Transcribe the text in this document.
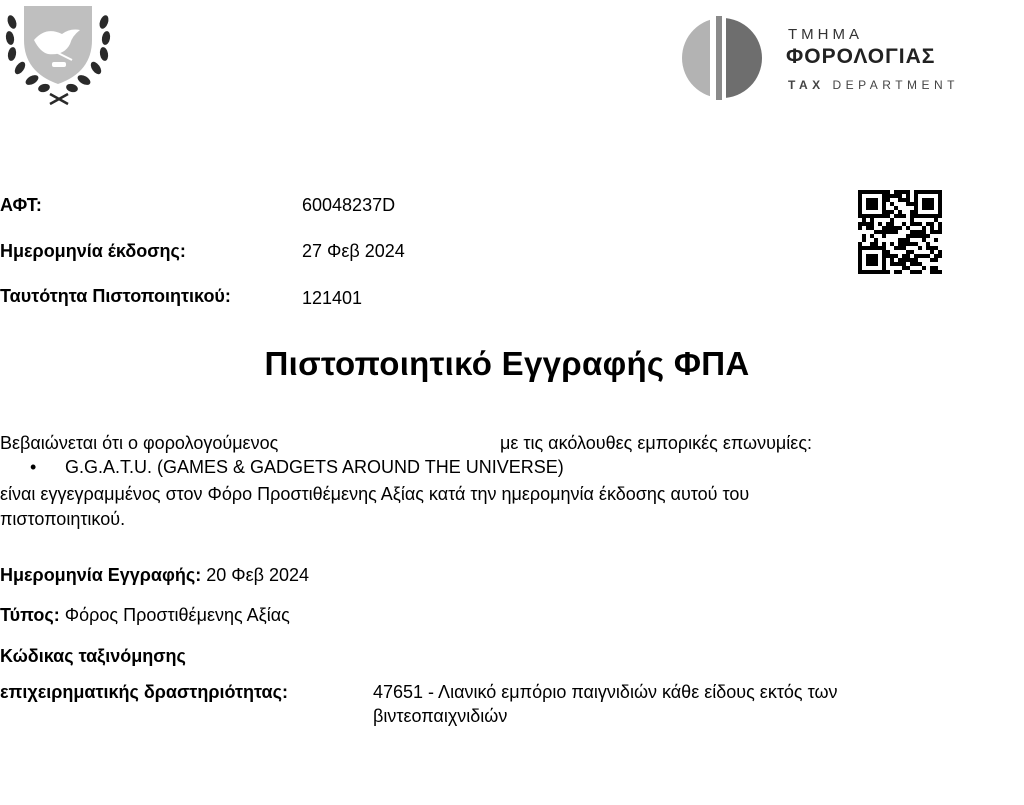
ΤΜΗΜΑ
ΦΟΡΟΛΟΓΙΑΣ
TAX DEPARTMENT
ΑΦΤ:	60048237D
Ημερομηνία έκδοσης:	27 Φεβ 2024
Ταυτότητα Πιστοποιητικού:	121401
Πιστοποιητικό Εγγραφής ΦΠΑ
Βεβαιώνεται ότι ο φορολογούμενος	με τις ακόλουθες εμπορικές επωνυμίες:
• G.G.A.T.U. (GAMES & GADGETS AROUND THE UNIVERSE)
είναι εγγεγραμμένος στον Φόρο Προστιθέμενης Αξίας κατά την ημερομηνία έκδοσης αυτού του
πιστοποιητικού.
Ημερομηνία Εγγραφής: 20 Φεβ 2024
Τύπος: Φόρος Προστιθέμενης Αξίας
Κώδικας ταξινόμησης
επιχειρηματικής δραστηριότητας:	47651 - Λιανικό εμπόριο παιγνιδιών κάθε είδους εκτός των
βιντεοπαιχνιδιών
